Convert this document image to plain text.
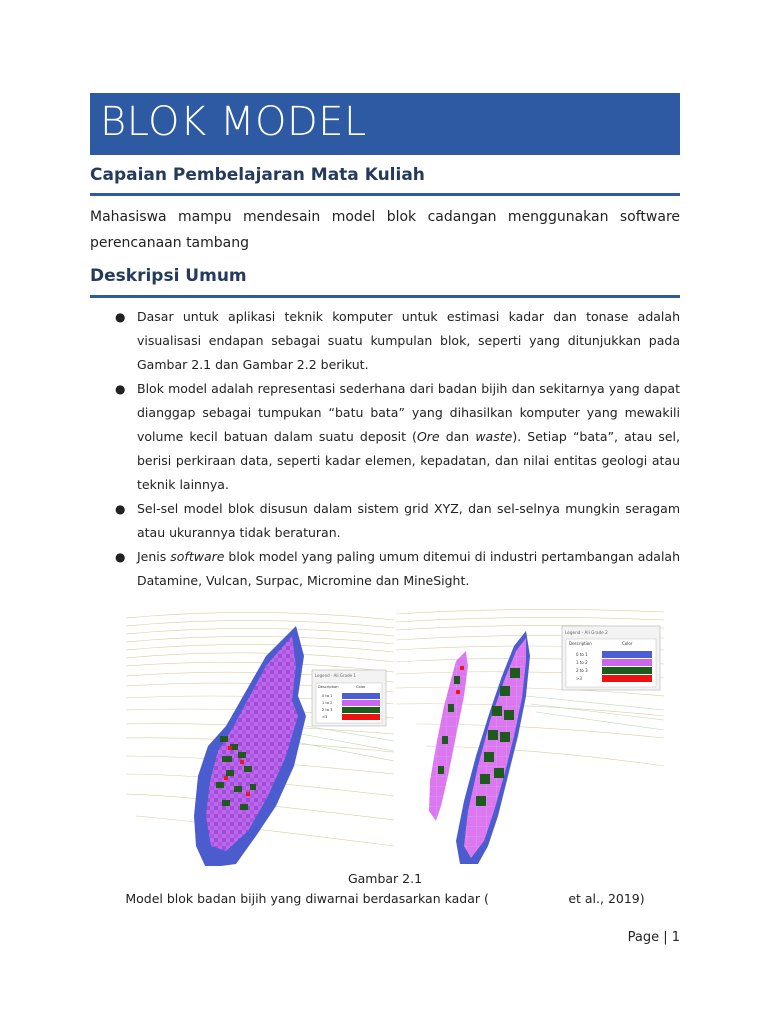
BLOK MODEL
Capaian Pembelajaran Mata Kuliah
Mahasiswa mampu mendesain model blok cadangan menggunakan software perencanaan tambang
Deskripsi Umum
● Dasar untuk aplikasi teknik komputer untuk estimasi kadar dan tonase adalah visualisasi endapan sebagai suatu kumpulan blok, seperti yang ditunjukkan pada Gambar 2.1 dan Gambar 2.2 berikut.
● Blok model adalah representasi sederhana dari badan bijih dan sekitarnya yang dapat dianggap sebagai tumpukan “batu bata” yang dihasilkan komputer yang mewakili volume kecil batuan dalam suatu deposit (Ore dan waste). Setiap “bata”, atau sel, berisi perkiraan data, seperti kadar elemen, kepadatan, dan nilai entitas geologi atau teknik lainnya.
● Sel-sel model blok disusun dalam sistem grid XYZ, dan sel-selnya mungkin seragam atau ukurannya tidak beraturan.
● Jenis software blok model yang paling umum ditemui di industri pertambangan adalah Datamine, Vulcan, Surpac, Micromine dan MineSight.
Legend - Ali Grade 1
Description	Color
0 to 1
1 to 2
2 to 3
>3
Legend - Ali Grade 2
Description	Color
0 to 1
1 to 2
2 to 3
>3
Gambar 2.1
Model blok badan bijih yang diwarnai berdasarkan kadar (                    et al., 2019)
Page | 1
